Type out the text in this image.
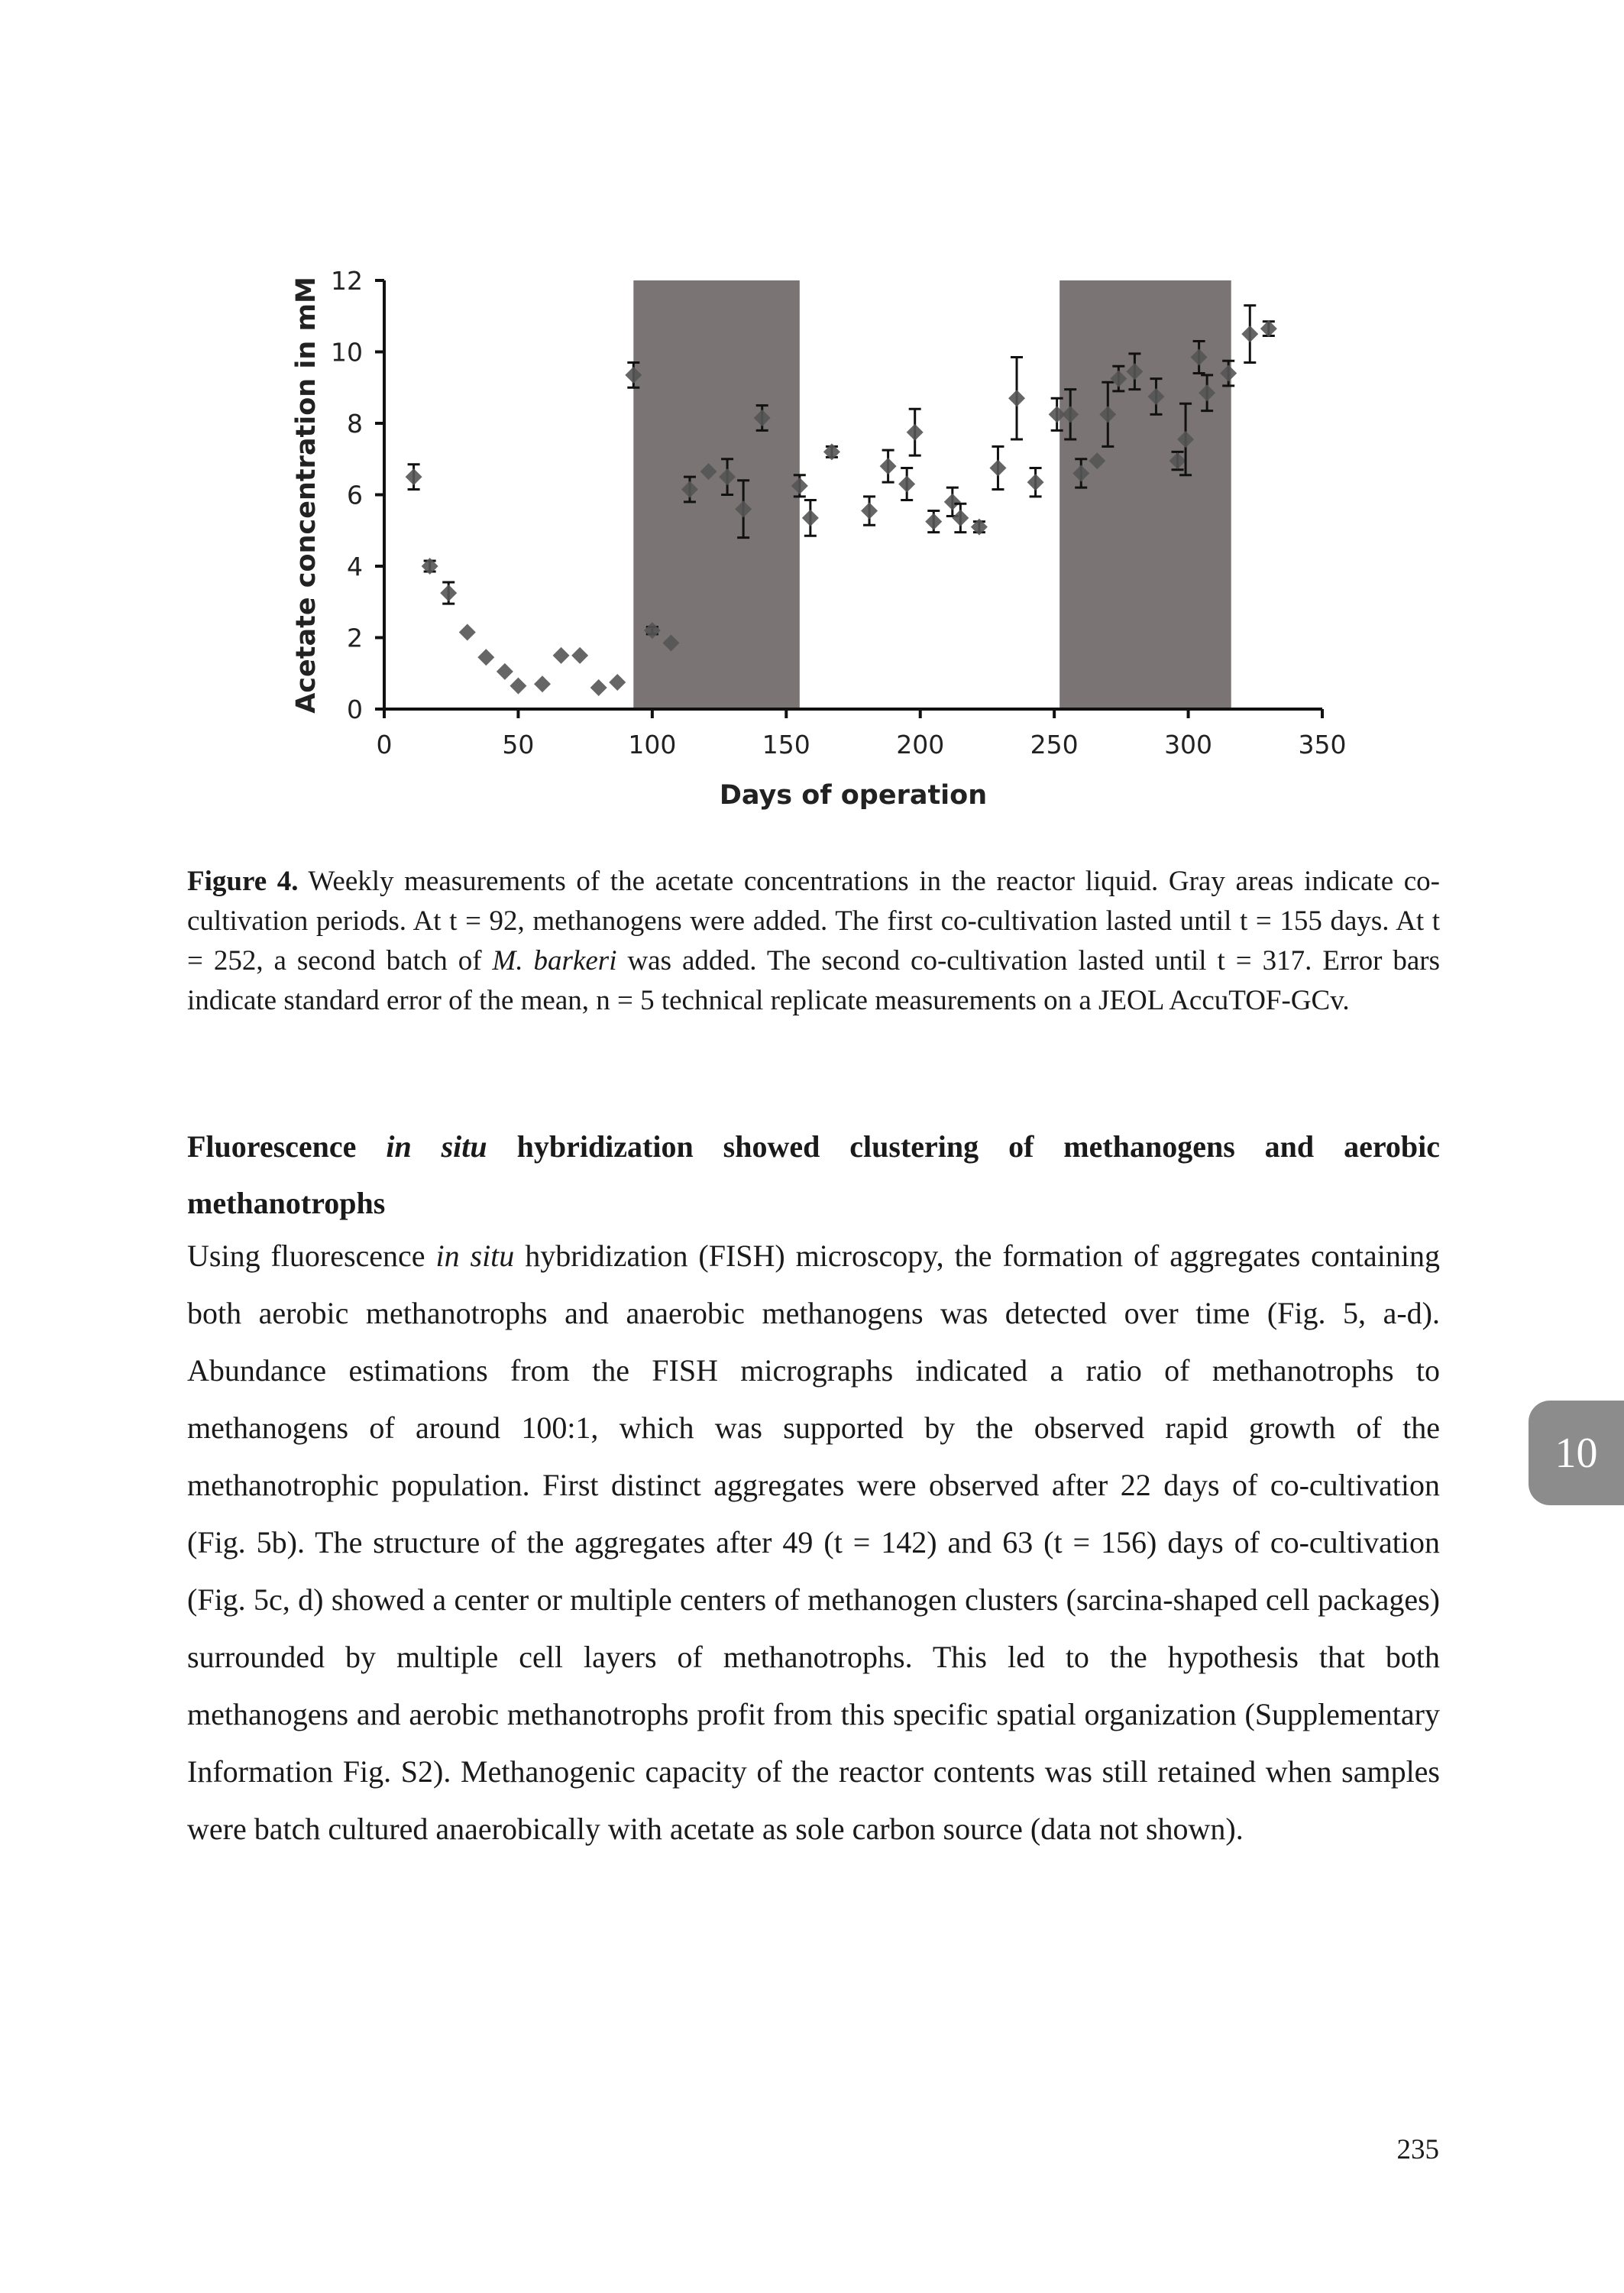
0	50	100	150	200	250	300	350
0
2
4
6
8
10
12
Days of operation
Acetate concentration in mM
Figure 4. Weekly measurements of the acetate concentrations in the reactor liquid. Gray areas indicate co-cultivation periods. At t = 92, methanogens were added. The first co-cultivation lasted until t = 155 days. At t = 252, a second batch of M. barkeri was added. The second co-cultivation lasted until t = 317. Error bars indicate standard error of the mean, n = 5 technical replicate measurements on a JEOL AccuTOF-GCv.
Fluorescence in situ hybridization showed clustering of methanogens and aerobic methanotrophs
Using fluorescence in situ hybridization (FISH) microscopy, the formation of aggregates containing both aerobic methanotrophs and anaerobic methanogens was detected over time (Fig. 5, a-d). Abundance estimations from the FISH micrographs indicated a ratio of methanotrophs to methanogens of around 100:1, which was supported by the observed rapid growth of the methanotrophic population. First distinct aggregates were observed after 22 days of co-cultivation (Fig. 5b). The structure of the aggregates after 49 (t = 142) and 63 (t = 156) days of co-cultivation (Fig. 5c, d) showed a center or multiple centers of methanogen clusters (sarcina-shaped cell packages) surrounded by multiple cell layers of methanotrophs. This led to the hypothesis that both methanogens and aerobic methanotrophs profit from this specific spatial organization (Supplementary Information Fig. S2). Methanogenic capacity of the reactor contents was still retained when samples were batch cultured anaerobically with acetate as sole carbon source (data not shown).
10
235
